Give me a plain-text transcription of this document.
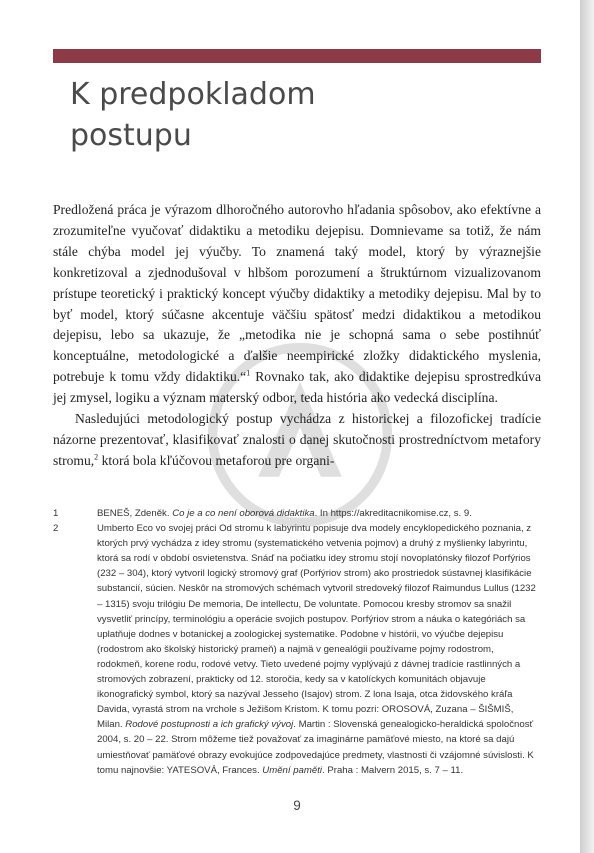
K predpokladom
postupu

Predložená práca je výrazom dlhoročného autorovho hľadania spôsobov, ako efektívne a zrozumiteľne vyučovať didaktiku a metodiku dejepisu. Domnievame sa totiž, že nám stále chýba model jej výučby. To znamená taký model, ktorý by výraznejšie konkretizoval a zjednodušoval v hlbšom porozumení a štruktúrnom vizualizovanom prístupe teoretický i praktický koncept výučby didaktiky a metodiky dejepisu. Mal by to byť model, ktorý súčasne akcentuje väčšiu spätosť medzi didaktikou a metodikou dejepisu, lebo sa ukazuje, že „metodika nie je schopná sama o sebe postihnúť konceptuálne, metodologické a ďalšie neempirické zložky didaktického myslenia, potrebuje k tomu vždy didaktiku.“$^1$ Rovnako tak, ako didaktike dejepisu sprostredkúva jej zmysel, logiku a význam materský odbor, teda história ako vedecká disciplína.

Nasledujúci metodologický postup vychádza z historickej a filozofickej tradície názorne prezentovať, klasifikovať znalosti o danej skutočnosti prostredníctvom metafory stromu,$^2$ ktorá bola kľúčovou metaforou pre organi-

1	BENEŠ, Zdeněk. Co je a co není oborová didaktika. In https://akreditacnikomise.cz, s. 9.
2	Umberto Eco vo svojej práci Od stromu k labyrintu popisuje dva modely encyklopedického poznania, z ktorých prvý vychádza z idey stromu (systematického vetvenia pojmov) a druhý z myšlienky labyrintu, ktorá sa rodí v období osvietenstva. Snáď na počiatku idey stromu stojí novoplatónsky filozof Porfýrios (232 – 304), ktorý vytvoril logický stromový graf (Porfýriov strom) ako prostriedok sústavnej klasifikácie substancií, súcien. Neskôr na stromových schémach vytvoril stredoveký filozof Raimundus Lullus (1232 – 1315) svoju trilógiu De memoria, De intellectu, De voluntate. Pomocou kresby stromov sa snažil vysvetliť princípy, terminológiu a operácie svojich postupov. Porfýriov strom a náuka o kategóriách sa uplatňuje dodnes v botanickej a zoologickej systematike. Podobne v histórii, vo výučbe dejepisu (rodostrom ako školský historický prameň) a najmä v genealógii používame pojmy rodostrom, rodokmeň, korene rodu, rodové vetvy. Tieto uvedené pojmy vyplývajú z dávnej tradície rastlinných a stromových zobrazení, prakticky od 12. storočia, kedy sa v katolíckych komunitách objavuje ikonografický symbol, ktorý sa nazýval Jesseho (Isajov) strom. Z lona Isaja, otca židovského kráľa Davida, vyrastá strom na vrchole s Ježišom Kristom. K tomu pozri: OROSOVÁ, Zuzana – ŠIŠMIŠ, Milan. Rodové postupnosti a ich grafický vývoj. Martin : Slovenská genealogicko-heraldická spoločnosť 2004, s. 20 – 22. Strom môžeme tiež považovať za imaginárne pamäťové miesto, na ktoré sa dajú umiestňovať pamäťové obrazy evokujúce zodpovedajúce predmety, vlastnosti či vzájomné súvislosti. K tomu najnovšie: YATESOVÁ, Frances. Umění paměti. Praha : Malvern 2015, s. 7 – 11.
9
